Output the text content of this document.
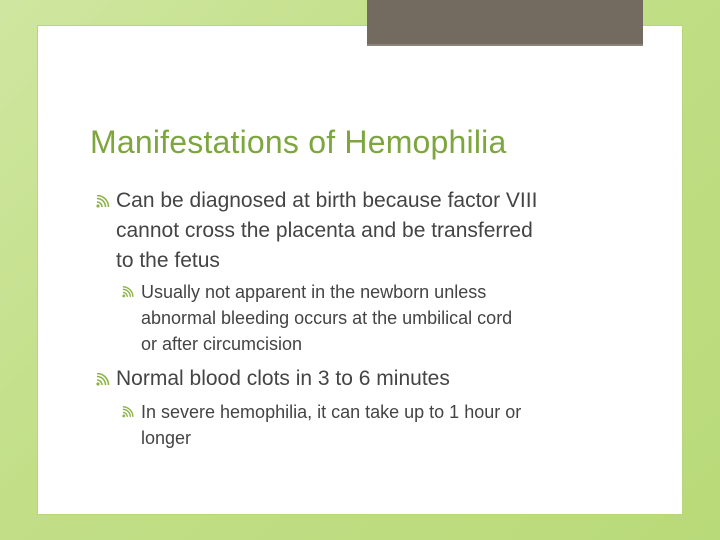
Manifestations of Hemophilia
Can be diagnosed at birth because factor VIII
cannot cross the placenta and be transferred
to the fetus
Usually not apparent in the newborn unless
abnormal bleeding occurs at the umbilical cord
or after circumcision
Normal blood clots in 3 to 6 minutes
In severe hemophilia, it can take up to 1 hour or
longer
